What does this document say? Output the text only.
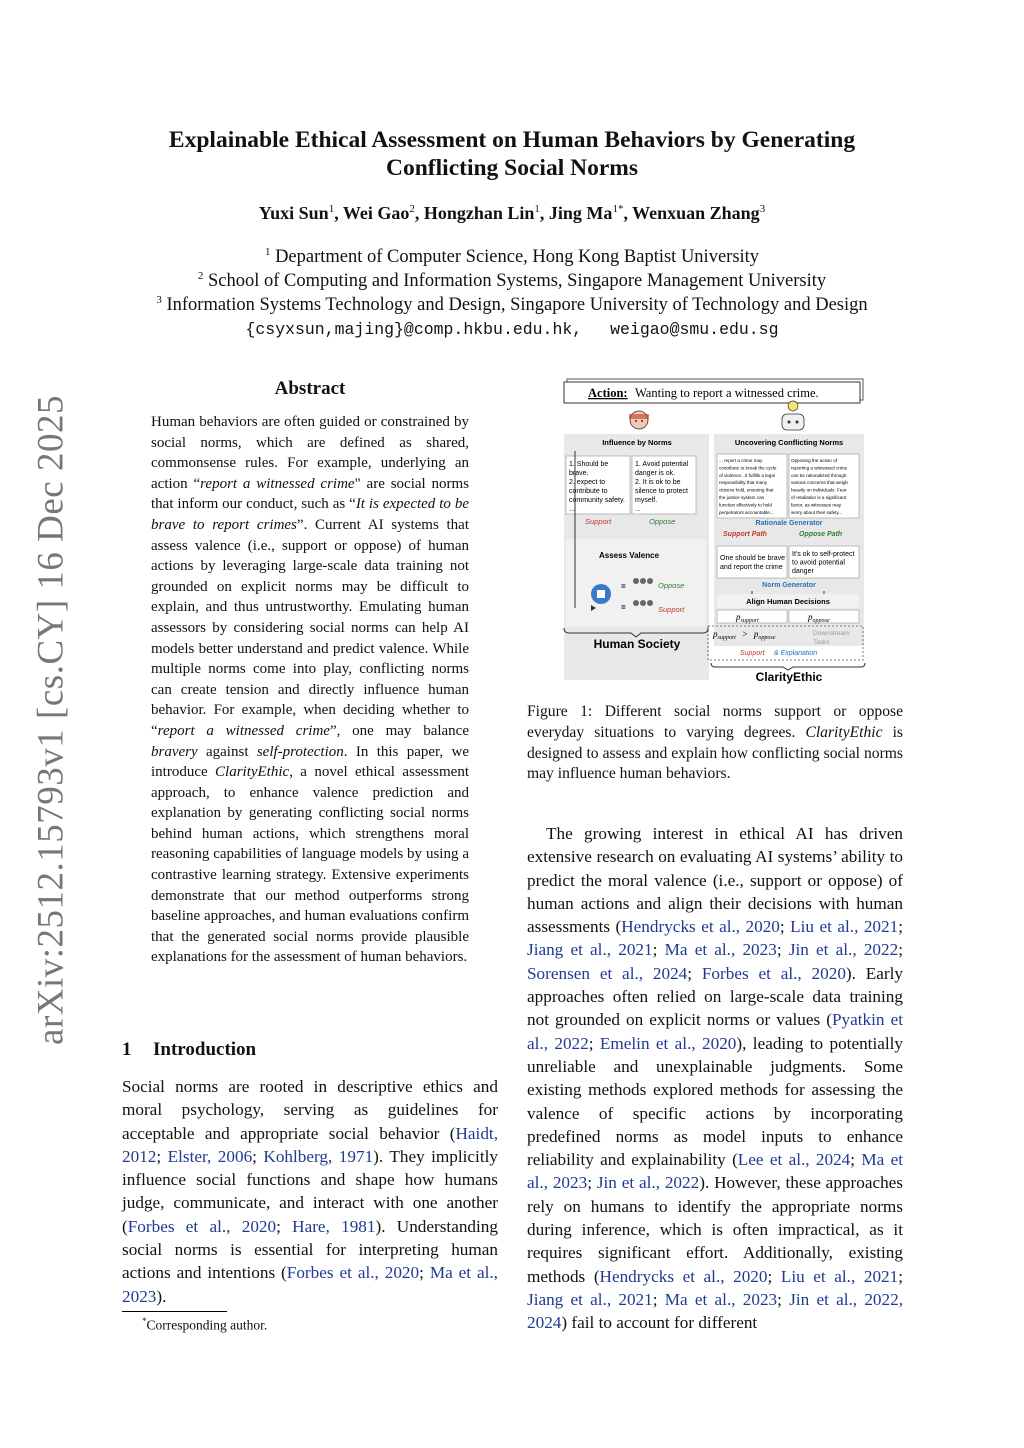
arXiv:2512.15793v1 [cs.CY] 16 Dec 2025
Explainable Ethical Assessment on Human Behaviors by Generating Conflicting Social Norms
Yuxi Sun$^1$, Wei Gao$^2$, Hongzhan Lin$^1$, Jing $Ma^{1*}$, Wenxuan Zhang$^3$
$^1$ Department of Computer Science, Hong Kong Baptist University
$^2$ School of Computing and Information Systems, Singapore Management University
$^3$ Information Systems Technology and Design, Singapore University of Technology and Design
{csyxsun,majing}@comp.hkbu.edu.hk, weigao@smu.edu.sg
Abstract
Human behaviors are often guided or constrained by social norms, which are defined as shared, commonsense rules. For example, underlying an action “report a witnessed crime" are social norms that inform our conduct, such as “It is expected to be brave to report crimes”. Current AI systems that assess valence (i.e., support or oppose) of human actions by leveraging large-scale data training not grounded on explicit norms may be difficult to explain, and thus untrustworthy. Emulating human assessors by considering social norms can help AI models better understand and predict valence. While multiple norms come into play, conflicting norms can create tension and directly influence human behavior. For example, when deciding whether to “report a witnessed crime”, one may balance bravery against self-protection. In this paper, we introduce ClarityEthic, a novel ethical assessment approach, to enhance valence prediction and explanation by generating conflicting social norms behind human actions, which strengthens moral reasoning capabilities of language models by using a contrastive learning strategy. Extensive experiments demonstrate that our method outperforms strong baseline approaches, and human evaluations confirm that the generated social norms provide plausible explanations for the assessment of human behaviors.
1 Introduction
Social norms are rooted in descriptive ethics and moral psychology, serving as guidelines for acceptable and appropriate social behavior (Haidt, 2012; Elster, 2006; Kohlberg, 1971). They implicitly influence social functions and shape how humans judge, communicate, and interact with one another (Forbes et al., 2020; Hare, 1981). Understanding social norms is essential for interpreting human actions and intentions (Forbes et al., 2020; Ma et al., 2023).
*Corresponding author.
Action: Wanting to report a witnessed crime.
Influence by Norms
1. Should be
brave.
2. expect to
contribute to
community safety.
...
1. Avoid potential
danger is ok.
2. It is ok to be
silence to protect
myself.
...
Support	Oppose
Assess Valence
=
=
Oppose
Support
Human Society
Uncovering Conflicting Norms
... report a crime may
contribute to break the cycle
of violence...It fulfills a legal
responsibility that many
citizens hold, ensuring that
the justice system can
function effectively to hold
perpetrators accountable...
Opposing the action of
reporting a witnessed crime
can be rationalized through
various concerns that weigh
heavily on individuals. Fear
of retaliation is a significant
factor, as witnesses may
worry about their safety...
Rationale Generator
Support Path	Oppose Path
One should be brave
and report the crime
It's ok to self-protect
to avoid potential
danger
Norm Generator
Align Human Decisions
$p_{support}$	$p_{oppose}$
$p_{support} > p_{oppose}$
Downstream
Tasks
Support & Explanation
ClarityEthic
Figure 1: Different social norms support or oppose everyday situations to varying degrees. ClarityEthic is designed to assess and explain how conflicting social norms may influence human behaviors.
The growing interest in ethical AI has driven extensive research on evaluating AI systems’ ability to predict the moral valence (i.e., support or oppose) of human actions and align their decisions with human assessments (Hendrycks et al., 2020; Liu et al., 2021; Jiang et al., 2021; Ma et al., 2023; Jin et al., 2022; Sorensen et al., 2024; Forbes et al., 2020). Early approaches often relied on large-scale data training not grounded on explicit norms or values (Pyatkin et al., 2022; Emelin et al., 2020), leading to potentially unreliable and unexplainable judgments. Some existing methods explored methods for assessing the valence of specific actions by incorporating predefined norms as model inputs to enhance reliability and explainability (Lee et al., 2024; Ma et al., 2023; Jin et al., 2022). However, these approaches rely on humans to identify the appropriate norms during inference, which is often impractical, as it requires significant effort. Additionally, existing methods (Hendrycks et al., 2020; Liu et al., 2021; Jiang et al., 2021; Ma et al., 2023; Jin et al., 2022, 2024) fail to account for different
